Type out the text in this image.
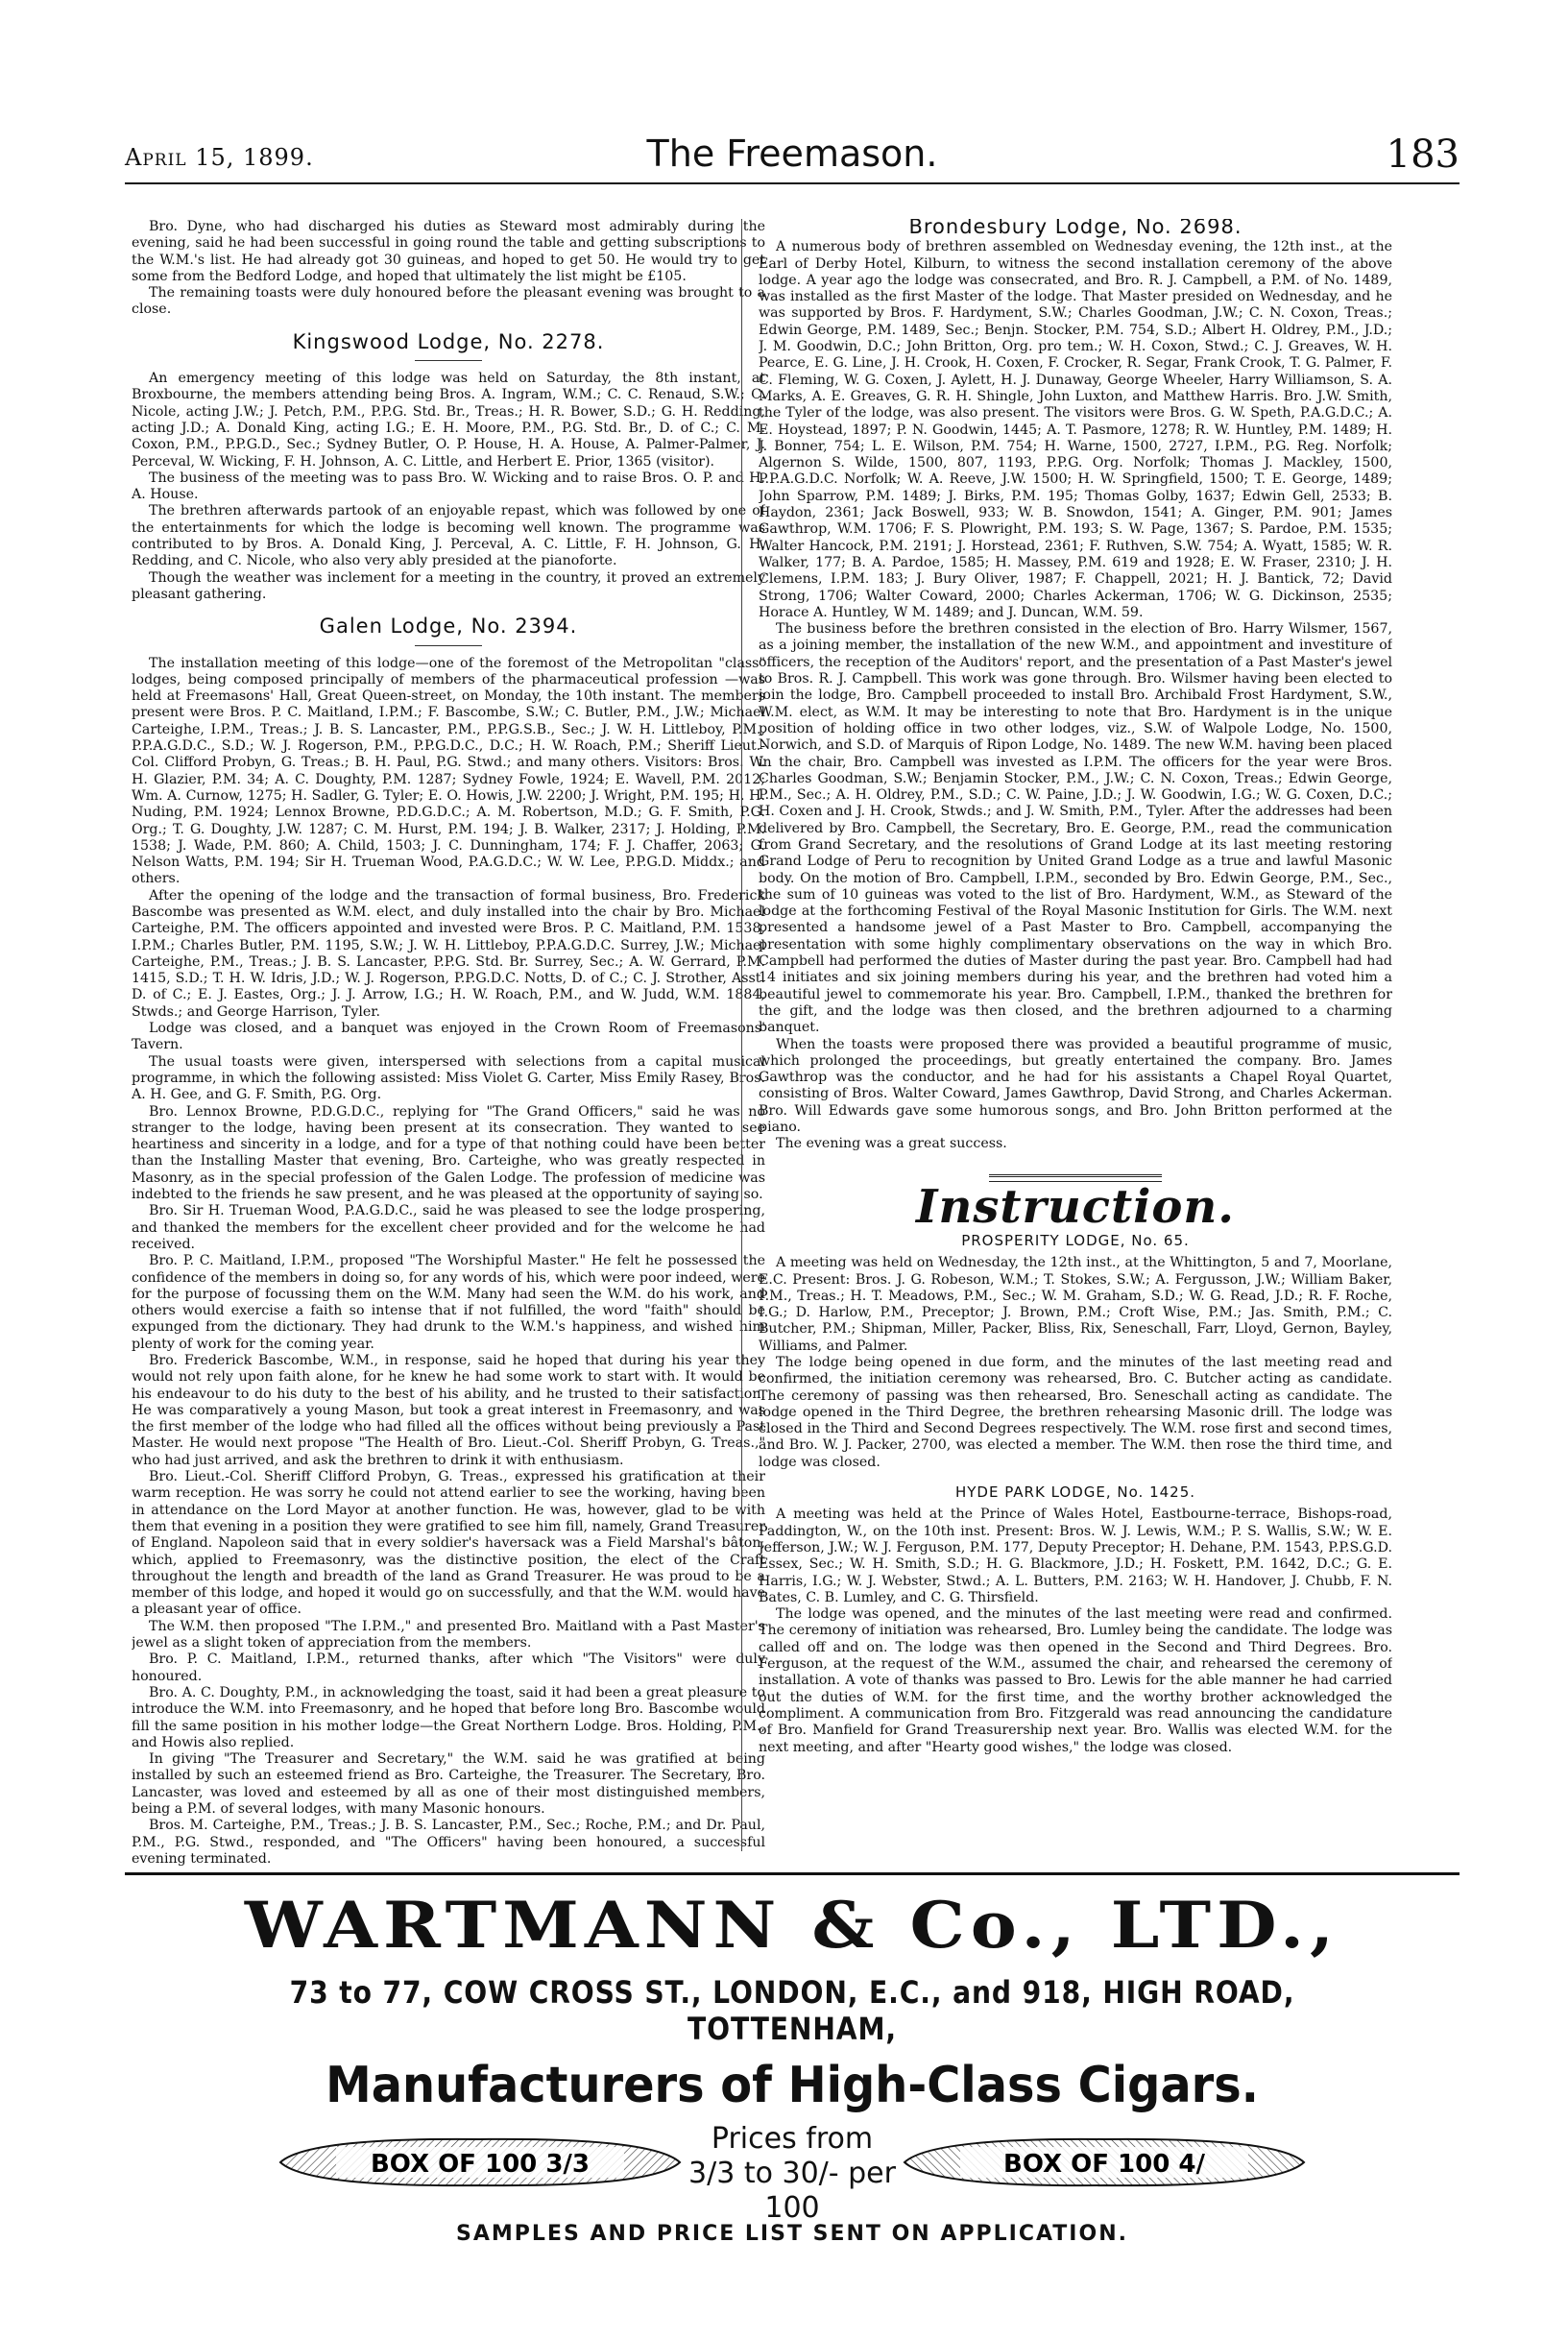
April 15, 1899.	The Freemason.	183

Bro. Dyne, who had discharged his duties as Steward most admirably during the evening, said he had been successful in going round the table and getting subscriptions to the W.M.'s list. He had already got 30 guineas, and hoped to get 50. He would try to get some from the Bedford Lodge, and hoped that ultimately the list might be £105.

The remaining toasts were duly honoured before the pleasant evening was brought to a close.

Kingswood Lodge, No. 2278.

An emergency meeting of this lodge was held on Saturday, the 8th instant, at Broxbourne, the members attending being Bros. A. Ingram, W.M.; C. C. Renaud, S.W.; C. Nicole, acting J.W.; J. Petch, P.M., P.P.G. Std. Br., Treas.; H. R. Bower, S.D.; G. H. Redding, acting J.D.; A. Donald King, acting I.G.; E. H. Moore, P.M., P.G. Std. Br., D. of C.; C. M. Coxon, P.M., P.P.G.D., Sec.; Sydney Butler, O. P. House, H. A. House, A. Palmer-Palmer, J. Perceval, W. Wicking, F. H. Johnson, A. C. Little, and Herbert E. Prior, 1365 (visitor).

The business of the meeting was to pass Bro. W. Wicking and to raise Bros. O. P. and H. A. House.

The brethren afterwards partook of an enjoyable repast, which was followed by one of the entertainments for which the lodge is becoming well known. The programme was contributed to by Bros. A. Donald King, J. Perceval, A. C. Little, F. H. Johnson, G. H. Redding, and C. Nicole, who also very ably presided at the pianoforte.

Though the weather was inclement for a meeting in the country, it proved an extremely pleasant gathering.

Galen Lodge, No. 2394.

The installation meeting of this lodge—one of the foremost of the Metropolitan "class" lodges, being composed principally of members of the pharmaceutical profession —was held at Freemasons' Hall, Great Queen-street, on Monday, the 10th instant. The members present were Bros. P. C. Maitland, I.P.M.; F. Bascombe, S.W.; C. Butler, P.M., J.W.; Michael Carteighe, I.P.M., Treas.; J. B. S. Lancaster, P.M., P.P.G.S.B., Sec.; J. W. H. Littleboy, P.M., P.P.A.G.D.C., S.D.; W. J. Rogerson, P.M., P.P.G.D.C., D.C.; H. W. Roach, P.M.; Sheriff Lieut.-Col. Clifford Probyn, G. Treas.; B. H. Paul, P.G. Stwd.; and many others. Visitors: Bros. W. H. Glazier, P.M. 34; A. C. Doughty, P.M. 1287; Sydney Fowle, 1924; E. Wavell, P.M. 2012; Wm. A. Curnow, 1275; H. Sadler, G. Tyler; E. O. Howis, J.W. 2200; J. Wright, P.M. 195; H. H. Nuding, P.M. 1924; Lennox Browne, P.D.G.D.C.; A. M. Robertson, M.D.; G. F. Smith, P.G. Org.; T. G. Doughty, J.W. 1287; C. M. Hurst, P.M. 194; J. B. Walker, 2317; J. Holding, P.M. 1538; J. Wade, P.M. 860; A. Child, 1503; J. C. Dunningham, 174; F. J. Chaffer, 2063; G. Nelson Watts, P.M. 194; Sir H. Trueman Wood, P.A.G.D.C.; W. W. Lee, P.P.G.D. Middx.; and others.

After the opening of the lodge and the transaction of formal business, Bro. Frederick Bascombe was presented as W.M. elect, and duly installed into the chair by Bro. Michael Carteighe, P.M. The officers appointed and invested were Bros. P. C. Maitland, P.M. 1538, I.P.M.; Charles Butler, P.M. 1195, S.W.; J. W. H. Littleboy, P.P.A.G.D.C. Surrey, J.W.; Michael Carteighe, P.M., Treas.; J. B. S. Lancaster, P.P.G. Std. Br. Surrey, Sec.; A. W. Gerrard, P.M. 1415, S.D.; T. H. W. Idris, J.D.; W. J. Rogerson, P.P.G.D.C. Notts, D. of C.; C. J. Strother, Asst. D. of C.; E. J. Eastes, Org.; J. J. Arrow, I.G.; H. W. Roach, P.M., and W. Judd, W.M. 1884, Stwds.; and George Harrison, Tyler.

Lodge was closed, and a banquet was enjoyed in the Crown Room of Freemasons' Tavern.

The usual toasts were given, interspersed with selections from a capital musical programme, in which the following assisted: Miss Violet G. Carter, Miss Emily Rasey, Bros. A. H. Gee, and G. F. Smith, P.G. Org.

Bro. Lennox Browne, P.D.G.D.C., replying for "The Grand Officers," said he was no stranger to the lodge, having been present at its consecration. They wanted to see heartiness and sincerity in a lodge, and for a type of that nothing could have been better than the Installing Master that evening, Bro. Carteighe, who was greatly respected in Masonry, as in the special profession of the Galen Lodge. The profession of medicine was indebted to the friends he saw present, and he was pleased at the opportunity of saying so.

Bro. Sir H. Trueman Wood, P.A.G.D.C., said he was pleased to see the lodge prospering, and thanked the members for the excellent cheer provided and for the welcome he had received.

Bro. P. C. Maitland, I.P.M., proposed "The Worshipful Master." He felt he possessed the confidence of the members in doing so, for any words of his, which were poor indeed, were for the purpose of focussing them on the W.M. Many had seen the W.M. do his work, and others would exercise a faith so intense that if not fulfilled, the word "faith" should be expunged from the dictionary. They had drunk to the W.M.'s happiness, and wished him plenty of work for the coming year.

Bro. Frederick Bascombe, W.M., in response, said he hoped that during his year they would not rely upon faith alone, for he knew he had some work to start with. It would be his endeavour to do his duty to the best of his ability, and he trusted to their satisfaction. He was comparatively a young Mason, but took a great interest in Freemasonry, and was the first member of the lodge who had filled all the offices without being previously a Past Master. He would next propose "The Health of Bro. Lieut.-Col. Sheriff Probyn, G. Treas.," who had just arrived, and ask the brethren to drink it with enthusiasm.

Bro. Lieut.-Col. Sheriff Clifford Probyn, G. Treas., expressed his gratification at their warm reception. He was sorry he could not attend earlier to see the working, having been in attendance on the Lord Mayor at another function. He was, however, glad to be with them that evening in a position they were gratified to see him fill, namely, Grand Treasurer of England. Napoleon said that in every soldier's haversack was a Field Marshal's bâton, which, applied to Freemasonry, was the distinctive position, the elect of the Craft throughout the length and breadth of the land as Grand Treasurer. He was proud to be a member of this lodge, and hoped it would go on successfully, and that the W.M. would have a pleasant year of office.

The W.M. then proposed "The I.P.M.," and presented Bro. Maitland with a Past Master's jewel as a slight token of appreciation from the members.

Bro. P. C. Maitland, I.P.M., returned thanks, after which "The Visitors" were duly honoured.

Bro. A. C. Doughty, P.M., in acknowledging the toast, said it had been a great pleasure to introduce the W.M. into Freemasonry, and he hoped that before long Bro. Bascombe would fill the same position in his mother lodge—the Great Northern Lodge. Bros. Holding, P.M., and Howis also replied.

In giving "The Treasurer and Secretary," the W.M. said he was gratified at being installed by such an esteemed friend as Bro. Carteighe, the Treasurer. The Secretary, Bro. Lancaster, was loved and esteemed by all as one of their most distinguished members, being a P.M. of several lodges, with many Masonic honours.

Bros. M. Carteighe, P.M., Treas.; J. B. S. Lancaster, P.M., Sec.; Roche, P.M.; and Dr. Paul, P.M., P.G. Stwd., responded, and "The Officers" having been honoured, a successful evening terminated.

Brondesbury Lodge, No. 2698.

A numerous body of brethren assembled on Wednesday evening, the 12th inst., at the Earl of Derby Hotel, Kilburn, to witness the second installation ceremony of the above lodge. A year ago the lodge was consecrated, and Bro. R. J. Campbell, a P.M. of No. 1489, was installed as the first Master of the lodge. That Master presided on Wednesday, and he was supported by Bros. F. Hardyment, S.W.; Charles Goodman, J.W.; C. N. Coxon, Treas.; Edwin George, P.M. 1489, Sec.; Benjn. Stocker, P.M. 754, S.D.; Albert H. Oldrey, P.M., J.D.; J. M. Goodwin, D.C.; John Britton, Org. pro tem.; W. H. Coxon, Stwd.; C. J. Greaves, W. H. Pearce, E. G. Line, J. H. Crook, H. Coxen, F. Crocker, R. Segar, Frank Crook, T. G. Palmer, F. C. Fleming, W. G. Coxen, J. Aylett, H. J. Dunaway, George Wheeler, Harry Williamson, S. A. Marks, A. E. Greaves, G. R. H. Shingle, John Luxton, and Matthew Harris. Bro. J.W. Smith, the Tyler of the lodge, was also present. The visitors were Bros. G. W. Speth, P.A.G.D.C.; A. E. Hoystead, 1897; P. N. Goodwin, 1445; A. T. Pasmore, 1278; R. W. Huntley, P.M. 1489; H. J. Bonner, 754; L. E. Wilson, P.M. 754; H. Warne, 1500, 2727, I.P.M., P.G. Reg. Norfolk; Algernon S. Wilde, 1500, 807, 1193, P.P.G. Org. Norfolk; Thomas J. Mackley, 1500, P.P.A.G.D.C. Norfolk; W. A. Reeve, J.W. 1500; H. W. Springfield, 1500; T. E. George, 1489; John Sparrow, P.M. 1489; J. Birks, P.M. 195; Thomas Golby, 1637; Edwin Gell, 2533; B. Haydon, 2361; Jack Boswell, 933; W. B. Snowdon, 1541; A. Ginger, P.M. 901; James Gawthrop, W.M. 1706; F. S. Plowright, P.M. 193; S. W. Page, 1367; S. Pardoe, P.M. 1535; Walter Hancock, P.M. 2191; J. Horstead, 2361; F. Ruthven, S.W. 754; A. Wyatt, 1585; W. R. Walker, 177; B. A. Pardoe, 1585; H. Massey, P.M. 619 and 1928; E. W. Fraser, 2310; J. H. Clemens, I.P.M. 183; J. Bury Oliver, 1987; F. Chappell, 2021; H. J. Bantick, 72; David Strong, 1706; Walter Coward, 2000; Charles Ackerman, 1706; W. G. Dickinson, 2535; Horace A. Huntley, W M. 1489; and J. Duncan, W.M. 59.

The business before the brethren consisted in the election of Bro. Harry Wilsmer, 1567, as a joining member, the installation of the new W.M., and appointment and investiture of officers, the reception of the Auditors' report, and the presentation of a Past Master's jewel to Bros. R. J. Campbell. This work was gone through. Bro. Wilsmer having been elected to join the lodge, Bro. Campbell proceeded to install Bro. Archibald Frost Hardyment, S.W., W.M. elect, as W.M. It may be interesting to note that Bro. Hardyment is in the unique position of holding office in two other lodges, viz., S.W. of Walpole Lodge, No. 1500, Norwich, and S.D. of Marquis of Ripon Lodge, No. 1489. The new W.M. having been placed in the chair, Bro. Campbell was invested as I.P.M. The officers for the year were Bros. Charles Goodman, S.W.; Benjamin Stocker, P.M., J.W.; C. N. Coxon, Treas.; Edwin George, P.M., Sec.; A. H. Oldrey, P.M., S.D.; C. W. Paine, J.D.; J. W. Goodwin, I.G.; W. G. Coxen, D.C.; H. Coxen and J. H. Crook, Stwds.; and J. W. Smith, P.M., Tyler. After the addresses had been delivered by Bro. Campbell, the Secretary, Bro. E. George, P.M., read the communication from Grand Secretary, and the resolutions of Grand Lodge at its last meeting restoring Grand Lodge of Peru to recognition by United Grand Lodge as a true and lawful Masonic body. On the motion of Bro. Campbell, I.P.M., seconded by Bro. Edwin George, P.M., Sec., the sum of 10 guineas was voted to the list of Bro. Hardyment, W.M., as Steward of the lodge at the forthcoming Festival of the Royal Masonic Institution for Girls. The W.M. next presented a handsome jewel of a Past Master to Bro. Campbell, accompanying the presentation with some highly complimentary observations on the way in which Bro. Campbell had performed the duties of Master during the past year. Bro. Campbell had had 14 initiates and six joining members during his year, and the brethren had voted him a beautiful jewel to commemorate his year. Bro. Campbell, I.P.M., thanked the brethren for the gift, and the lodge was then closed, and the brethren adjourned to a charming banquet.

When the toasts were proposed there was provided a beautiful programme of music, which prolonged the proceedings, but greatly entertained the company. Bro. James Gawthrop was the conductor, and he had for his assistants a Chapel Royal Quartet, consisting of Bros. Walter Coward, James Gawthrop, David Strong, and Charles Ackerman. Bro. Will Edwards gave some humorous songs, and Bro. John Britton performed at the piano.

The evening was a great success.

Instruction.
PROSPERITY LODGE, No. 65.

A meeting was held on Wednesday, the 12th inst., at the Whittington, 5 and 7, Moorlane, E.C. Present: Bros. J. G. Robeson, W.M.; T. Stokes, S.W.; A. Fergusson, J.W.; William Baker, P.M., Treas.; H. T. Meadows, P.M., Sec.; W. M. Graham, S.D.; W. G. Read, J.D.; R. F. Roche, I.G.; D. Harlow, P.M., Preceptor; J. Brown, P.M.; Croft Wise, P.M.; Jas. Smith, P.M.; C. Butcher, P.M.; Shipman, Miller, Packer, Bliss, Rix, Seneschall, Farr, Lloyd, Gernon, Bayley, Williams, and Palmer.

The lodge being opened in due form, and the minutes of the last meeting read and confirmed, the initiation ceremony was rehearsed, Bro. C. Butcher acting as candidate. The ceremony of passing was then rehearsed, Bro. Seneschall acting as candidate. The lodge opened in the Third Degree, the brethren rehearsing Masonic drill. The lodge was closed in the Third and Second Degrees respectively. The W.M. rose first and second times, and Bro. W. J. Packer, 2700, was elected a member. The W.M. then rose the third time, and lodge was closed.

HYDE PARK LODGE, No. 1425.

A meeting was held at the Prince of Wales Hotel, Eastbourne-terrace, Bishops-road, Paddington, W., on the 10th inst. Present: Bros. W. J. Lewis, W.M.; P. S. Wallis, S.W.; W. E. Jefferson, J.W.; W. J. Ferguson, P.M. 177, Deputy Preceptor; H. Dehane, P.M. 1543, P.P.S.G.D. Essex, Sec.; W. H. Smith, S.D.; H. G. Blackmore, J.D.; H. Foskett, P.M. 1642, D.C.; G. E. Harris, I.G.; W. J. Webster, Stwd.; A. L. Butters, P.M. 2163; W. H. Handover, J. Chubb, F. N. Bates, C. B. Lumley, and C. G. Thirsfield.

The lodge was opened, and the minutes of the last meeting were read and confirmed. The ceremony of initiation was rehearsed, Bro. Lumley being the candidate. The lodge was called off and on. The lodge was then opened in the Second and Third Degrees. Bro. Ferguson, at the request of the W.M., assumed the chair, and rehearsed the ceremony of installation. A vote of thanks was passed to Bro. Lewis for the able manner he had carried out the duties of W.M. for the first time, and the worthy brother acknowledged the compliment. A communication from Bro. Fitzgerald was read announcing the candidature of Bro. Manfield for Grand Treasurership next year. Bro. Wallis was elected W.M. for the next meeting, and after "Hearty good wishes," the lodge was closed.

WARTMANN & Co., LTD.,
73 to 77, COW CROSS ST., LONDON, E.C., and 918, HIGH ROAD, TOTTENHAM,
Manufacturers of High-Class Cigars.
BOX OF 100 3/3
Prices from
3/3 to 30/- per 100
BOX OF 100 4/
SAMPLES AND PRICE LIST SENT ON APPLICATION.
